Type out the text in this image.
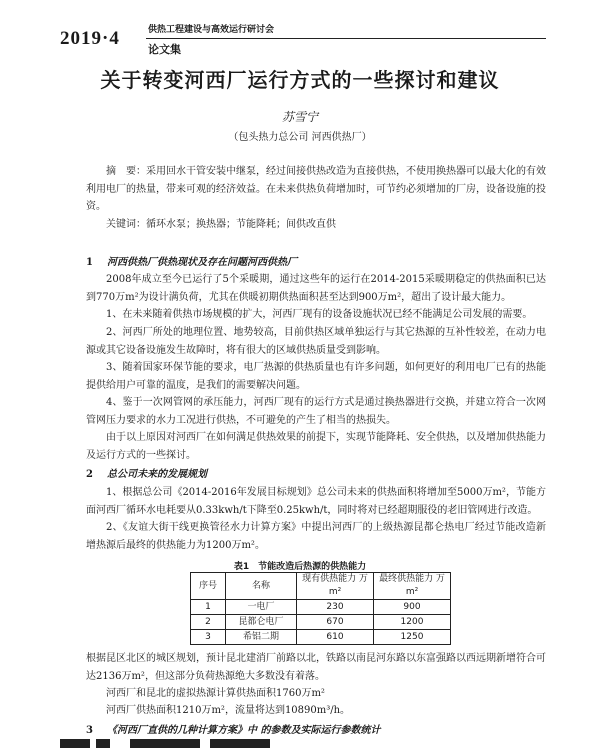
2019·4	供热工程建设与高效运行研讨会
论文集
关于转变河西厂运行方式的一些探讨和建议
苏雪宁
（包头热力总公司 河西供热厂）

摘　要：采用回水干管安装中继泵，经过间接供热改造为直接供热，不使用换热器可以最大化的有效利用电厂的热量，带来可观的经济效益。在未来供热负荷增加时，可节约必须增加的厂房，设备设施的投资。

关键词：循环水泵；换热器；节能降耗；间供改直供

1 河西供热厂供热现状及存在问题河西供热厂

2008年成立至今已运行了5个采暖期，通过这些年的运行在2014-2015采暖期稳定的供热面积已达到770万m²为设计满负荷，尤其在供暖初期供热面积甚至达到900万m²，超出了设计最大能力。

1、在未来随着供热市场规模的扩大，河西厂现有的设备设施状况已经不能满足公司发展的需要。

2、河西厂所处的地理位置、地势较高，目前供热区域单独运行与其它热源的互补性较差，在动力电源或其它设备设施发生故障时，将有很大的区域供热质量受到影响。

3、随着国家环保节能的要求，电厂热源的供热质量也有许多问题，如何更好的利用电厂已有的热能提供给用户可靠的温度，是我们的需要解决问题。

4、鉴于一次网管网的承压能力，河西厂现有的运行方式是通过换热器进行交换，并建立符合一次网管网压力要求的水力工况进行供热，不可避免的产生了相当的热损失。

由于以上原因对河西厂在如何满足供热效果的前提下，实现节能降耗、安全供热，以及增加供热能力及运行方式的一些探讨。

2 总公司未来的发展规划

1、根据总公司《2014-2016年发展目标规划》总公司未来的供热面积将增加至5000万m²，节能方面河西厂循环水电耗要从0.33kwh/t下降至0.25kwh/t，同时将对已经超期服役的老旧管网进行改造。

2、《友谊大街干线更换管径水力计算方案》中提出河西厂的上级热源昆都仑热电厂经过节能改造新增热源后最终的供热能力为1200万m²。

表1　节能改造后热源的供热能力
序号	名称	现有供热能力 万m²	最终供热能力 万m²
1	一电厂	230	900
2	昆都仑电厂	670	1200
3	希铝二期	610	1250

根据昆区北区的城区规划，预计昆北建消厂前路以北，铁路以南昆河东路以东富强路以西远期新增符合可达2136万m²，但这部分负荷热源绝大多数没有着落。

河西厂和昆北的虚拟热源计算供热面积1760万m²

河西厂供热面积1210万m²，流量将达到10890m³/h。

3 《河西厂直供的几种计算方案》中 的参数及实际运行参数统计
